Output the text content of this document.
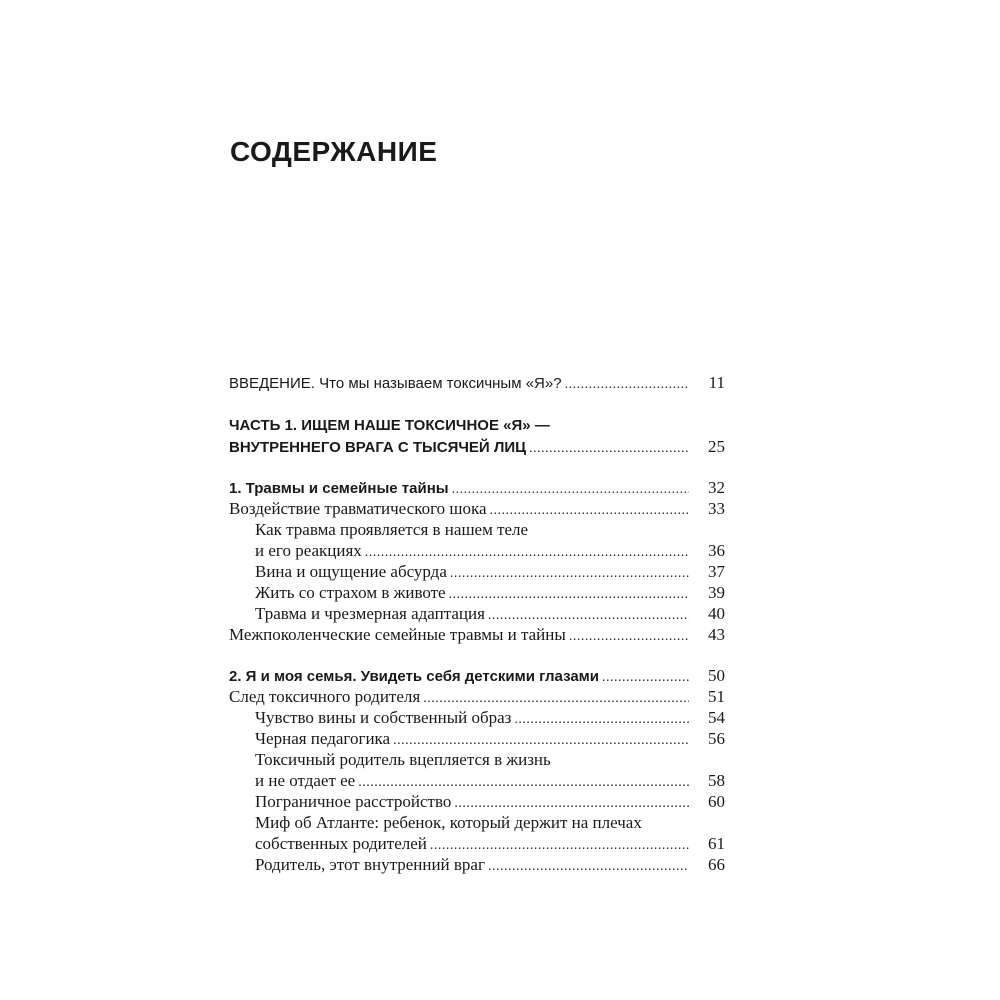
СОДЕРЖАНИЕ
ВВЕДЕНИЕ. Что мы называем токсичным «Я»? . . .	11
ЧАСТЬ 1. ИЩЕМ НАШЕ ТОКСИЧНОЕ «Я» —
ВНУТРЕННЕГО ВРАГА С ТЫСЯЧЕЙ ЛИЦ . . .	25
1. Травмы и семейные тайны . . .	32
Воздействие травматического шока . . .	33
Как травма проявляется в нашем теле
и его реакциях . . .	36
Вина и ощущение абсурда . . .	37
Жить со страхом в животе . . .	39
Травма и чрезмерная адаптация . . .	40
Межпоколенческие семейные травмы и тайны . . .	43
2. Я и моя семья. Увидеть себя детскими глазами . . .	50
След токсичного родителя . . .	51
Чувство вины и собственный образ . . .	54
Черная педагогика . . .	56
Токсичный родитель вцепляется в жизнь
и не отдает ее . . .	58
Пограничное расстройство . . .	60
Миф об Атланте: ребенок, который держит на плечах
собственных родителей . . .	61
Родитель, этот внутренний враг . . .	66
